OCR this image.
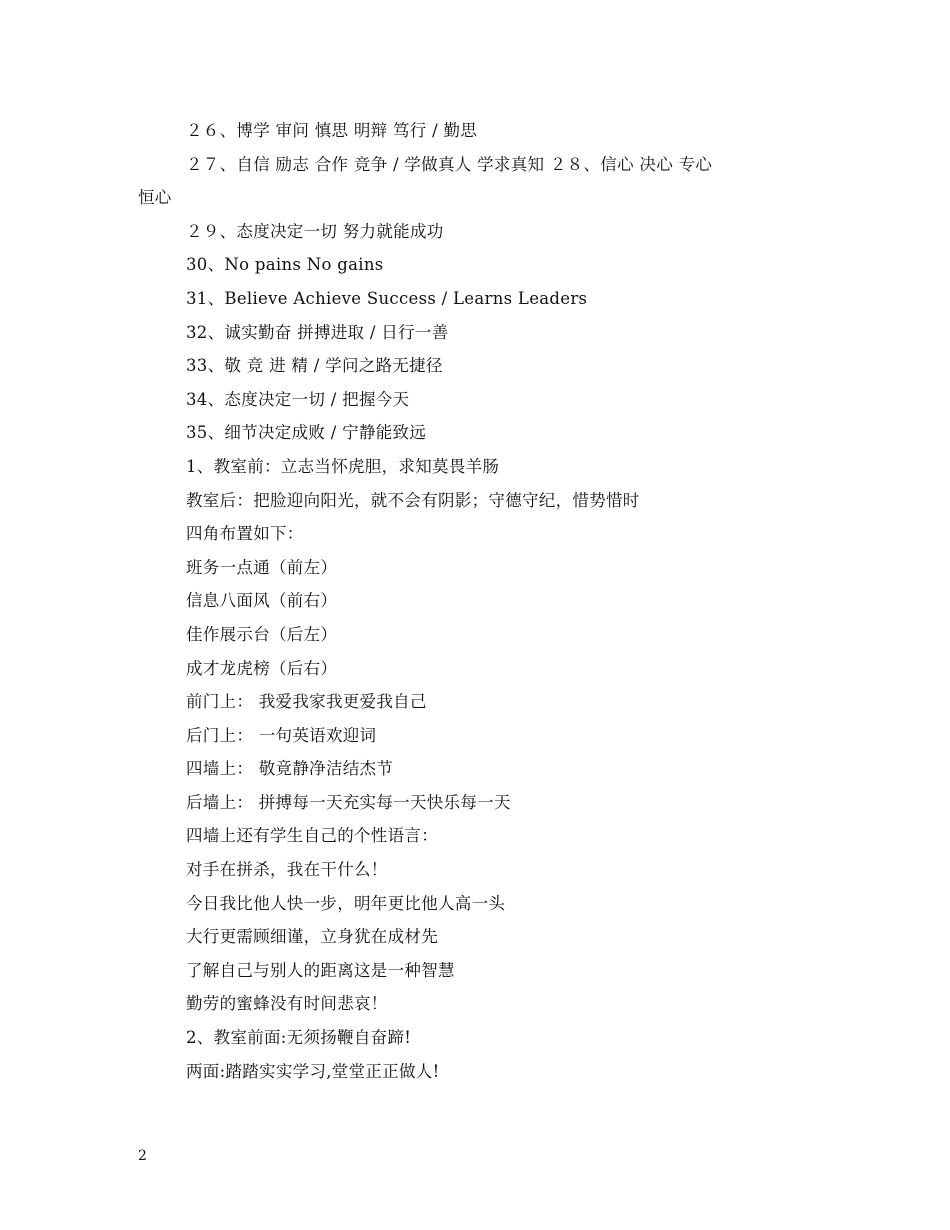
２６、博学 审问 慎思 明辩 笃行 / 勤思
２７、自信 励志 合作 竞争 / 学做真人 学求真知 ２８、信心 决心 专心
恒心
２９、态度决定一切 努力就能成功
30、No pains No gains
31、Believe Achieve Success / Learns Leaders
32、诚实勤奋 拼搏进取 / 日行一善
33、敬 竞 进 精 / 学问之路无捷径
34、态度决定一切 / 把握今天
35、细节决定成败 / 宁静能致远
1、教室前：立志当怀虎胆，求知莫畏羊肠
教室后：把脸迎向阳光，就不会有阴影；守德守纪，惜势惜时
四角布置如下：
班务一点通（前左）
信息八面风（前右）
佳作展示台（后左）
成才龙虎榜（后右）
前门上： 我爱我家我更爱我自己
后门上： 一句英语欢迎词
四墙上： 敬竟静净洁结杰节
后墙上： 拼搏每一天充实每一天快乐每一天
四墙上还有学生自己的个性语言：
对手在拼杀，我在干什么！
今日我比他人快一步，明年更比他人高一头
大行更需顾细谨，立身犹在成材先
了解自己与别人的距离这是一种智慧
勤劳的蜜蜂没有时间悲哀！
2、教室前面:无须扬鞭自奋蹄!
两面:踏踏实实学习,堂堂正正做人!
2
